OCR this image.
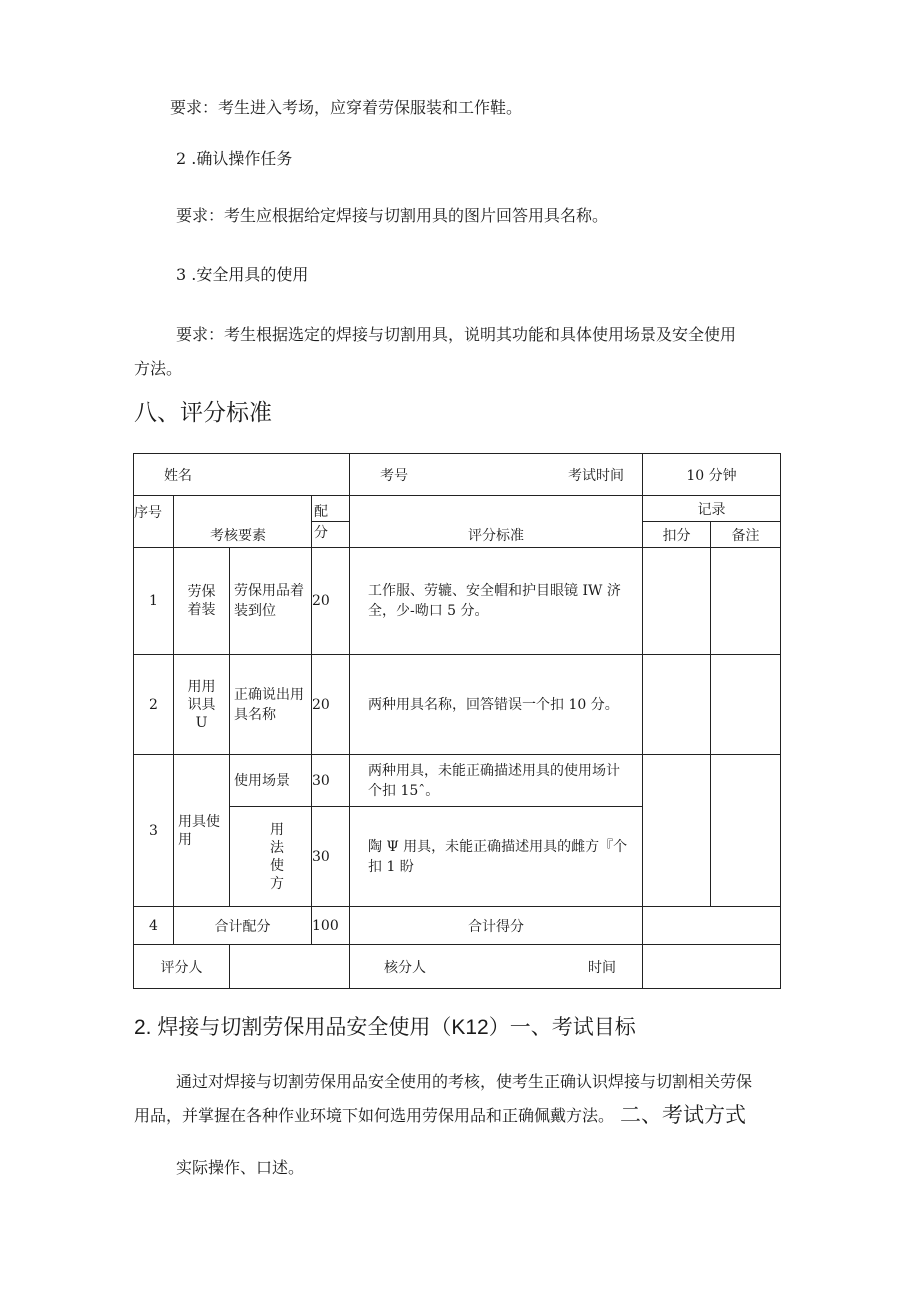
要求：考生进入考场，应穿着劳保服装和工作鞋。
2 .确认操作任务
要求：考生应根据给定焊接与切割用具的图片回答用具名称。
3 .安全用具的使用
要求：考生根据选定的焊接与切割用具，说明其功能和具体使用场景及安全使用
方法。
八、评分标准
姓名				考号 考试时间	10 分钟	
序号	考核要素		配	评分标准	记录	
			分		扣分	备注
1	劳保着装	劳保用品着装到位	20	工作服、劳辘、安全帽和护目眼镜 IW 济全，少-呦口 5 分。		

2	用用识具U	正确说出用具名称	20	两种用具名称，回答错误一个扣 10 分。		

3	用具使用	使用场景	30	两种用具，未能正确描述用具的使用场计个扣 15ˆ。		

		用法使方	30	陶 Ψ 用具，未能正确描述用具的雌方『个扣 1 盼		

4	合计配分		100	合计得分		
评分人				核分人 时间		

2. 焊接与切割劳保用品安全使用（K12）一、考试目标
通过对焊接与切割劳保用品安全使用的考核，使考生正确认识焊接与切割相关劳保
用品，并掌握在各种作业环境下如何选用劳保用品和正确佩戴方法。 二、考试方式
实际操作、口述。
